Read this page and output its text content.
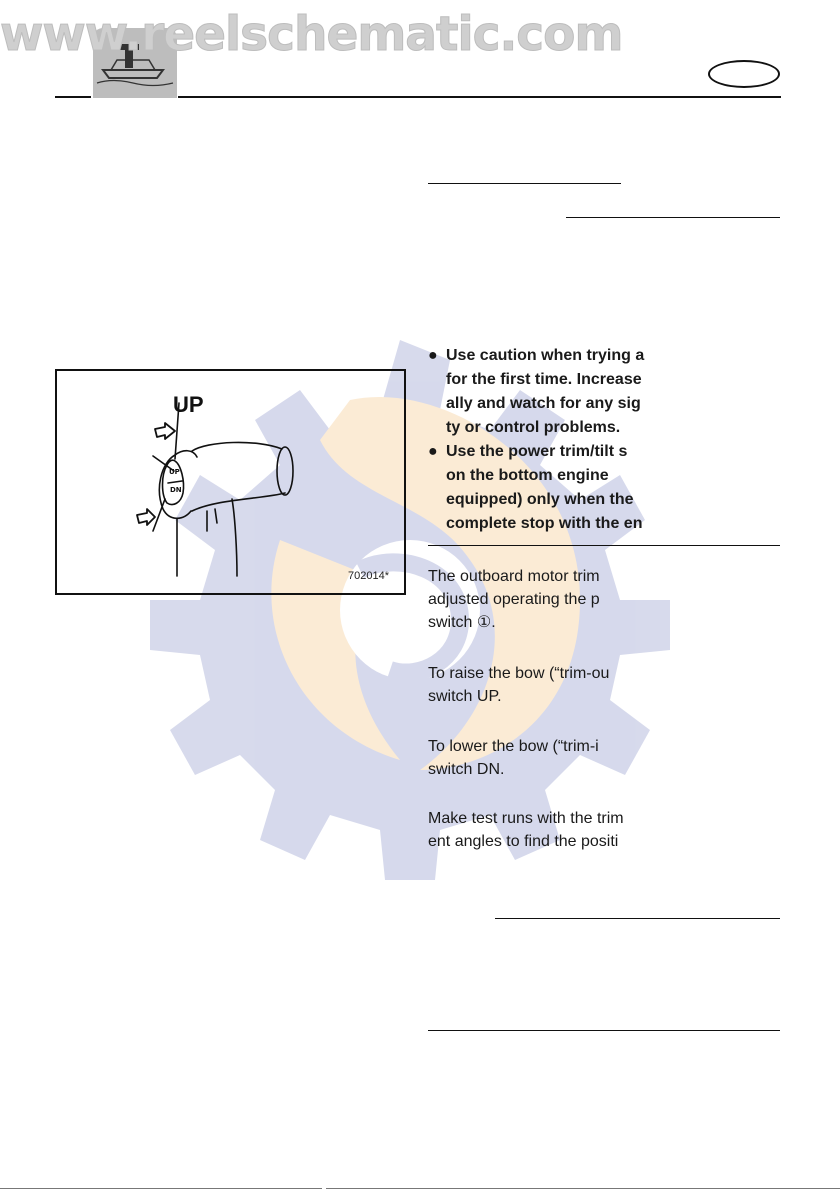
www.reelschematic.com
● Use caution when trying a
for the first time. Increase
ally and watch for any sig
ty or control problems.
● Use the power trim/tilt s
on the bottom engine
equipped) only when the
complete stop with the en
The outboard motor trim
adjusted operating the p
switch ①.
To raise the bow (“trim-ou
switch UP.
To lower the bow (“trim-i
switch DN.
Make test runs with the trim
ent angles to find the positi
UP
DN
UP
702014*
